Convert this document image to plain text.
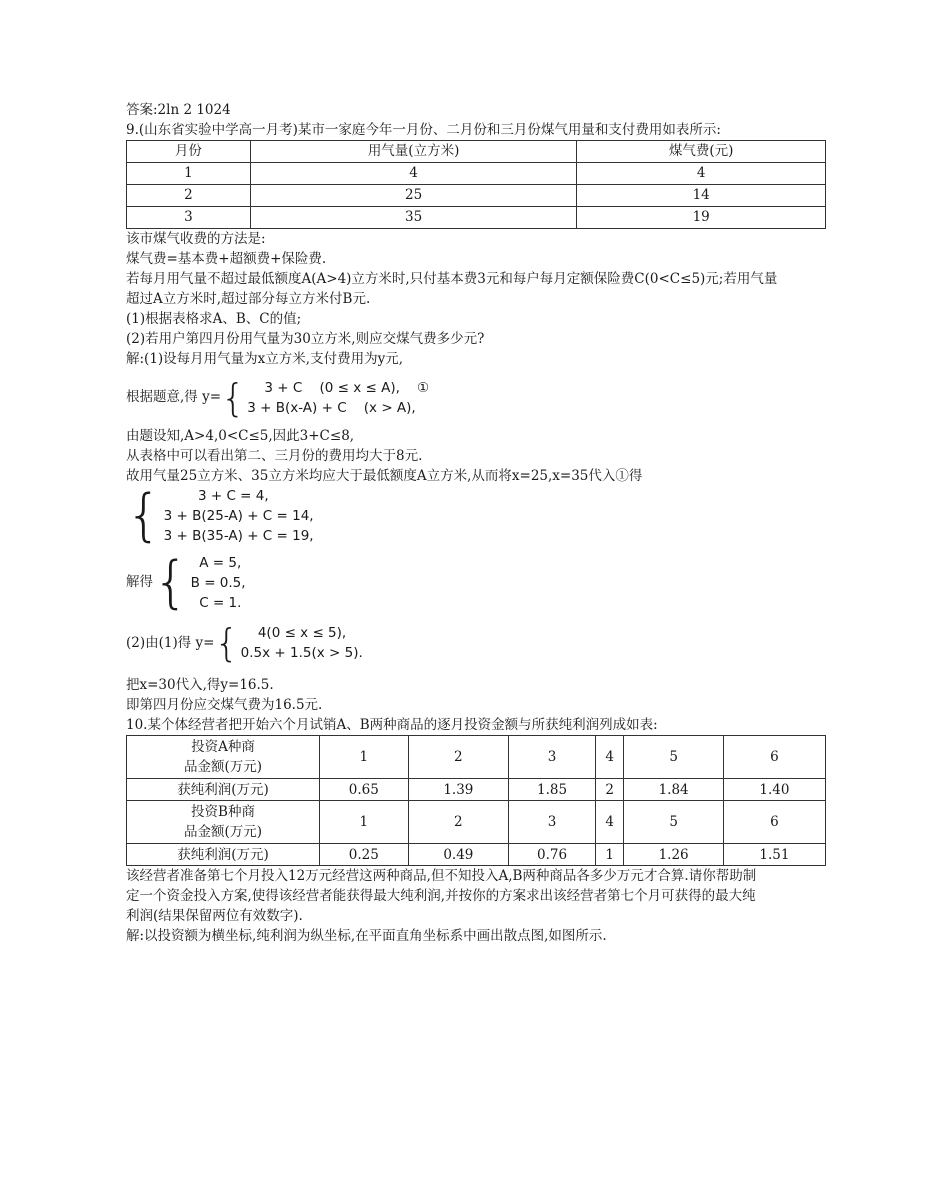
答案:2ln 2 1024
9.(山东省实验中学高一月考)某市一家庭今年一月份、二月份和三月份煤气用量和支付费用如表所示:
月份	用气量(立方米)	煤气费(元)
1	4	4
2	25	14
3	35	19
该市煤气收费的方法是:
煤气费=基本费+超额费+保险费.
若每月用气量不超过最低额度A(A>4)立方米时,只付基本费3元和每户每月定额保险费C(0<C≤5)元;若用气量
超过A立方米时,超过部分每立方米付B元.
(1)根据表格求A、B、C的值;
(2)若用户第四月份用气量为30立方米,则应交煤气费多少元?
解:(1)设每月用气量为x立方米,支付费用为y元,
根据题意,得 y= { 3 + C    (0 ≤ x ≤ A),    ①
3 + B(x-A) + C    (x > A),
由题设知,A>4,0<C≤5,因此3+C≤8,
从表格中可以看出第二、三月份的费用均大于8元.
故用气量25立方米、35立方米均应大于最低额度A立方米,从而将x=25,x=35代入①得
{ 3 + C = 4,
3 + B(25-A) + C = 14,
3 + B(35-A) + C = 19,
解得 { A = 5,
B = 0.5,
C = 1.
(2)由(1)得 y= { 4(0 ≤ x ≤ 5),
0.5x + 1.5(x > 5).
把x=30代入,得y=16.5.
即第四月份应交煤气费为16.5元.
10.某个体经营者把开始六个月试销A、B两种商品的逐月投资金额与所获纯利润列成如表:
投资A种商
品金额(万元)	1	2	3	4	5	6
获纯利润(万元)	0.65	1.39	1.85	2	1.84	1.40

投资B种商
品金额(万元)	1	2	3	4	5	6
获纯利润(万元)	0.25	0.49	0.76	1	1.26	1.51
该经营者准备第七个月投入12万元经营这两种商品,但不知投入A,B两种商品各多少万元才合算.请你帮助制
定一个资金投入方案,使得该经营者能获得最大纯利润,并按你的方案求出该经营者第七个月可获得的最大纯
利润(结果保留两位有效数字).
解:以投资额为横坐标,纯利润为纵坐标,在平面直角坐标系中画出散点图,如图所示.
